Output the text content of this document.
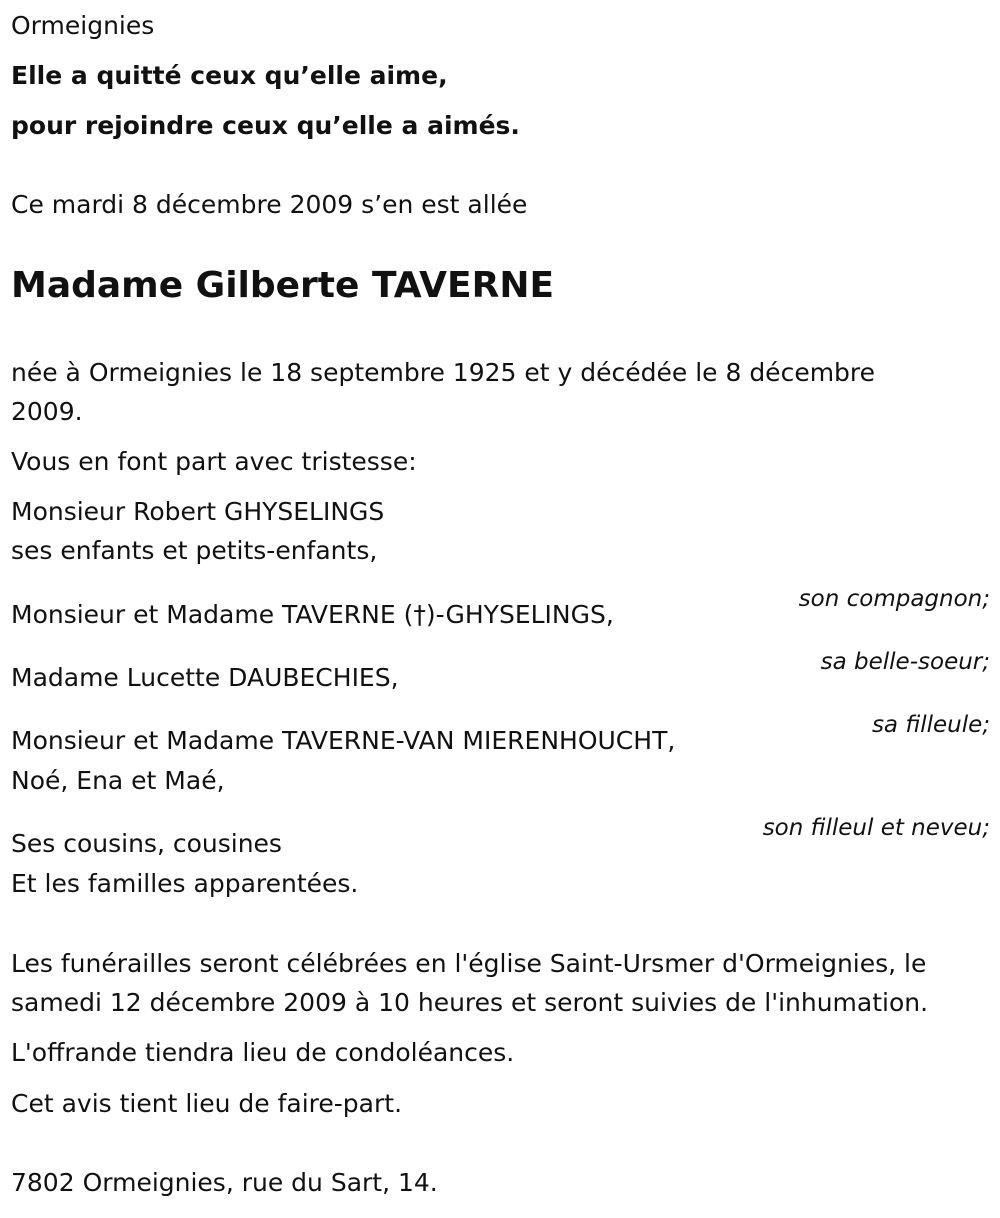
Ormeignies

Elle a quitté ceux qu’elle aime,

pour rejoindre ceux qu’elle a aimés.

Ce mardi 8 décembre 2009 s’en est allée

Madame Gilberte TAVERNE

née à Ormeignies le 18 septembre 1925 et y décédée le 8 décembre

2009.

Vous en font part avec tristesse:

Monsieur Robert GHYSELINGS

ses enfants et petits-enfants,

son compagnon;

Monsieur et Madame TAVERNE (†)-GHYSELINGS,

sa belle-soeur;

Madame Lucette DAUBECHIES,

sa filleule;

Monsieur et Madame TAVERNE-VAN MIERENHOUCHT,

Noé, Ena et Maé,

son filleul et neveu;

Ses cousins, cousines

Et les familles apparentées.

Les funérailles seront célébrées en l'église Saint-Ursmer d'Ormeignies, le

samedi 12 décembre 2009 à 10 heures et seront suivies de l'inhumation.

L'offrande tiendra lieu de condoléances.

Cet avis tient lieu de faire-part.

7802 Ormeignies, rue du Sart, 14.
